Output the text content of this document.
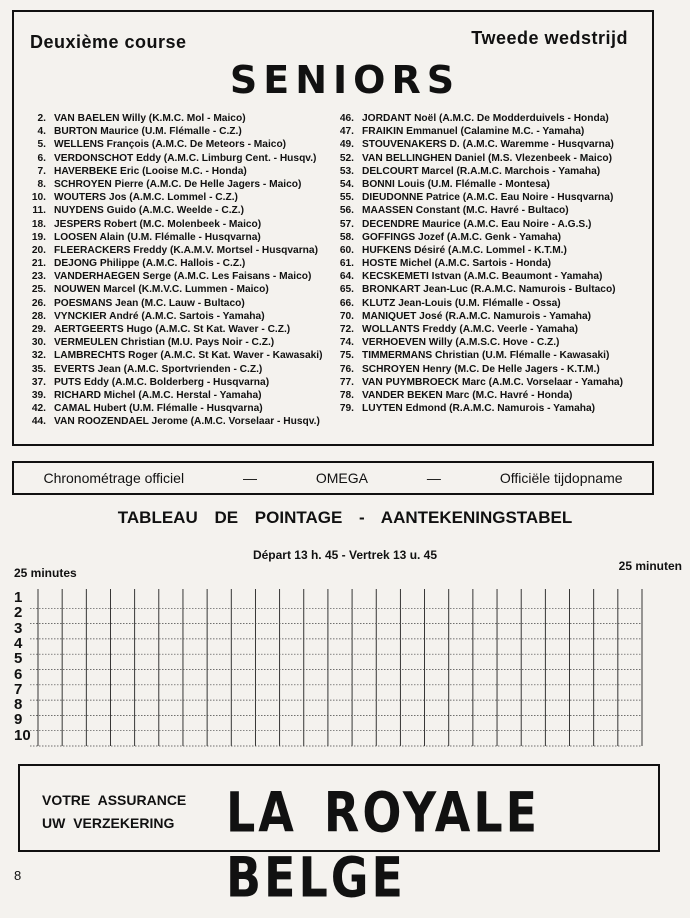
Deuxième course	Tweede wedstrijd
SENIORS
2. VAN BAELEN Willy (K.M.C. Mol - Maico)
4. BURTON Maurice (U.M. Flémalle - C.Z.)
5. WELLENS François (A.M.C. De Meteors - Maico)
6. VERDONSCHOT Eddy (A.M.C. Limburg Cent. - Husqv.)
7. HAVERBEKE Eric (Looise M.C. - Honda)
8. SCHROYEN Pierre (A.M.C. De Helle Jagers - Maico)
10. WOUTERS Jos (A.M.C. Lommel - C.Z.)
11. NUYDENS Guido (A.M.C. Weelde - C.Z.)
18. JESPERS Robert (M.C. Molenbeek - Maico)
19. LOOSEN Alain (U.M. Flémalle - Husqvarna)
20. FLEERACKERS Freddy (K.A.M.V. Mortsel - Husqvarna)
21. DEJONG Philippe (A.M.C. Hallois - C.Z.)
23. VANDERHAEGEN Serge (A.M.C. Les Faisans - Maico)
25. NOUWEN Marcel (K.M.V.C. Lummen - Maico)
26. POESMANS Jean (M.C. Lauw - Bultaco)
28. VYNCKIER André (A.M.C. Sartois - Yamaha)
29. AERTGEERTS Hugo (A.M.C. St Kat. Waver - C.Z.)
30. VERMEULEN Christian (M.U. Pays Noir - C.Z.)
32. LAMBRECHTS Roger (A.M.C. St Kat. Waver - Kawasaki)
35. EVERTS Jean (A.M.C. Sportvrienden - C.Z.)
37. PUTS Eddy (A.M.C. Bolderberg - Husqvarna)
39. RICHARD Michel (A.M.C. Herstal - Yamaha)
42. CAMAL Hubert (U.M. Flémalle - Husqvarna)
44. VAN ROOZENDAEL Jerome (A.M.C. Vorselaar - Husqv.)
46. JORDANT Noël (A.M.C. De Modderduivels - Honda)
47. FRAIKIN Emmanuel (Calamine M.C. - Yamaha)
49. STOUVENAKERS D. (A.M.C. Waremme - Husqvarna)
52. VAN BELLINGHEN Daniel (M.S. Vlezenbeek - Maico)
53. DELCOURT Marcel (R.A.M.C. Marchois - Yamaha)
54. BONNI Louis (U.M. Flémalle - Montesa)
55. DIEUDONNE Patrice (A.M.C. Eau Noire - Husqvarna)
56. MAASSEN Constant (M.C. Havré - Bultaco)
57. DECENDRE Maurice (A.M.C. Eau Noire - A.G.S.)
58. GOFFINGS Jozef (A.M.C. Genk - Yamaha)
60. HUFKENS Désiré (A.M.C. Lommel - K.T.M.)
61. HOSTE Michel (A.M.C. Sartois - Honda)
64. KECSKEMETI Istvan (A.M.C. Beaumont - Yamaha)
65. BRONKART Jean-Luc (R.A.M.C. Namurois - Bultaco)
66. KLUTZ Jean-Louis (U.M. Flémalle - Ossa)
70. MANIQUET José (R.A.M.C. Namurois - Yamaha)
72. WOLLANTS Freddy (A.M.C. Veerle - Yamaha)
74. VERHOEVEN Willy (A.M.S.C. Hove - C.Z.)
75. TIMMERMANS Christian (U.M. Flémalle - Kawasaki)
76. SCHROYEN Henry (M.C. De Helle Jagers - K.T.M.)
77. VAN PUYMBROECK Marc (A.M.C. Vorselaar - Yamaha)
78. VANDER BEKEN Marc (M.C. Havré - Honda)
79. LUYTEN Edmond (R.A.M.C. Namurois - Yamaha)
Chronométrage officiel	—	OMEGA	—	Officiële tijdopname
TABLEAU DE POINTAGE - AANTEKENINGSTABEL
Départ 13 h. 45 - Vertrek 13 u. 45
25 minutes	25 minuten
1
2
3
4
5
6
7
8
9
10
VOTRE ASSURANCE
UW VERZEKERING LA ROYALE BELGE
8
